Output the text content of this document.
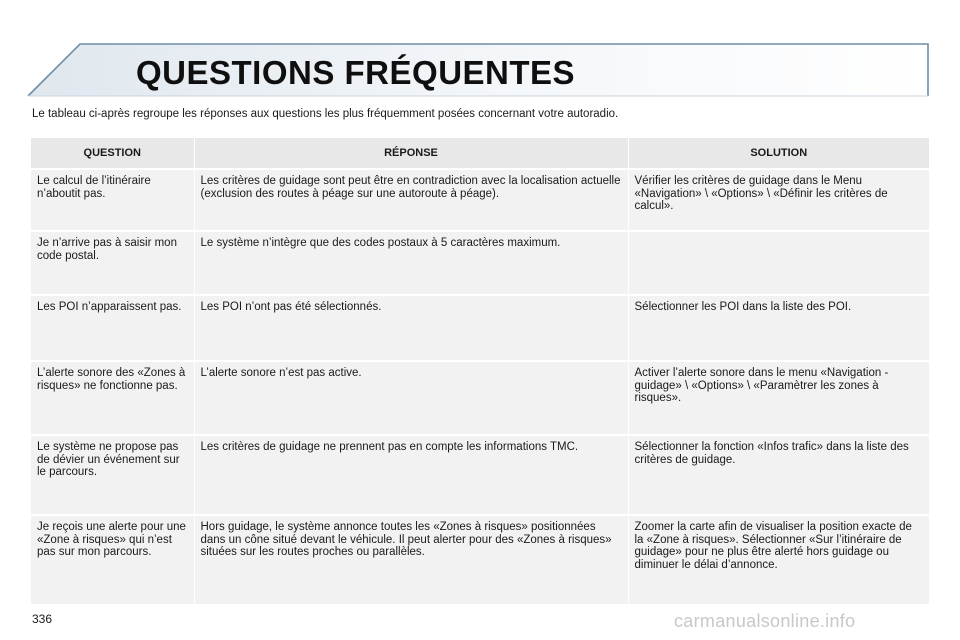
QUESTIONS FRÉQUENTES

Le tableau ci-après regroupe les réponses aux questions les plus fréquemment posées concernant votre autoradio.

QUESTION	RÉPONSE	SOLUTION
Le calcul de l’itinéraire n’aboutit pas.	Les critères de guidage sont peut être en contradiction avec la localisation actuelle (exclusion des routes à péage sur une autoroute à péage).	Vérifier les critères de guidage dans le Menu «Navigation» \ «Options» \ «Définir les critères de calcul».
Je n’arrive pas à saisir mon code postal.	Le système n’intègre que des codes postaux à 5 caractères maximum.	
Les POI n’apparaissent pas.	Les POI n’ont pas été sélectionnés.	Sélectionner les POI dans la liste des POI.
L’alerte sonore des «Zones à risques» ne fonctionne pas.	L’alerte sonore n’est pas active.	Activer l’alerte sonore dans le menu «Navigation - guidage» \ «Options» \ «Paramètrer les zones à risques».
Le système ne propose pas de dévier un événement sur le parcours.	Les critères de guidage ne prennent pas en compte les informations TMC.	Sélectionner la fonction «Infos trafic» dans la liste des critères de guidage.
Je reçois une alerte pour une «Zone à risques» qui n’est pas sur mon parcours.	Hors guidage, le système annonce toutes les «Zones à risques» positionnées dans un cône situé devant le véhicule. Il peut alerter pour des «Zones à risques» situées sur les routes proches ou parallèles.	Zoomer la carte afin de visualiser la position exacte de la «Zone à risques». Sélectionner «Sur l’itinéraire de guidage» pour ne plus être alerté hors guidage ou diminuer le délai d’annonce.

336	carmanualsonline.info
